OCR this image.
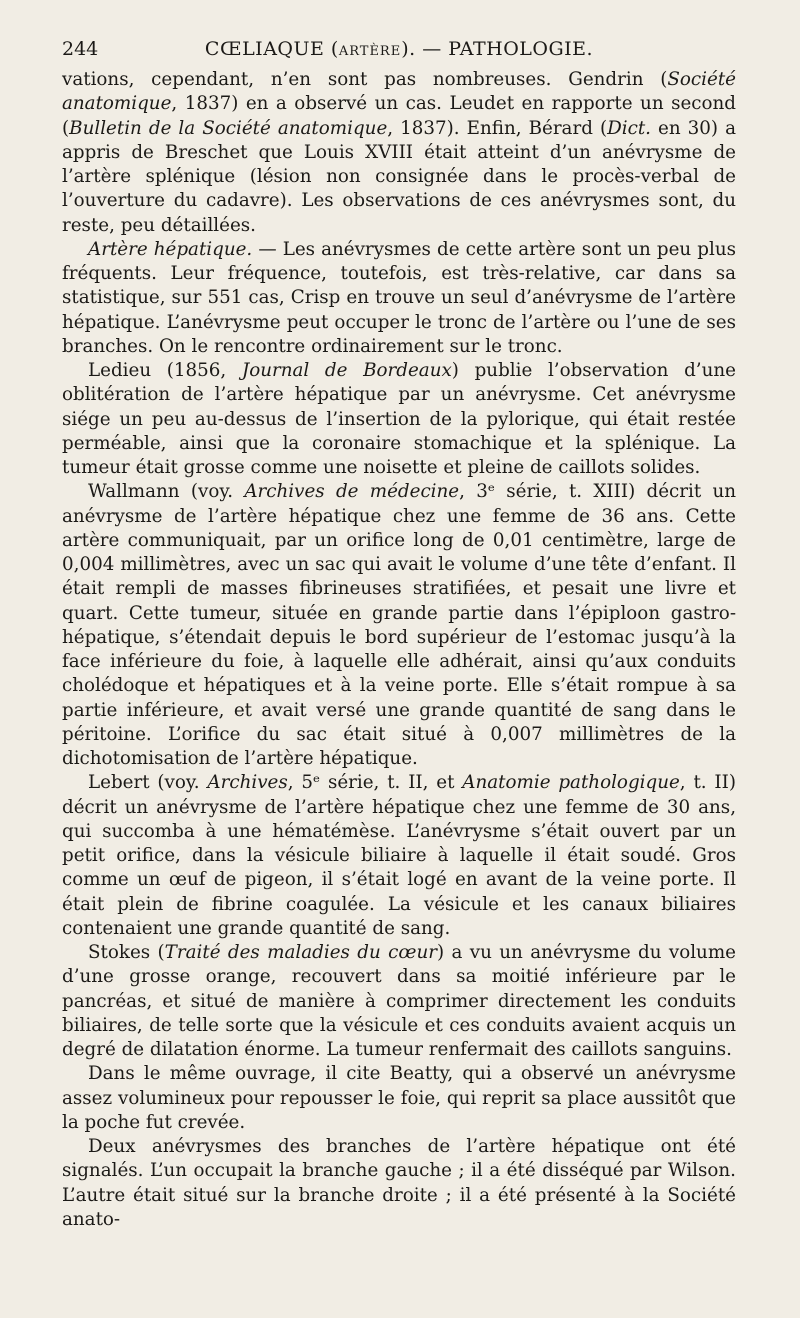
244	CŒLIAQUE (ARTÈRE). — PATHOLOGIE.

vations, cependant, n’en sont pas nombreuses. Gendrin (Société anatomique, 1837) en a observé un cas. Leudet en rapporte un second (Bulletin de la Société anatomique, 1837). Enfin, Bérard (Dict. en 30) a appris de Breschet que Louis XVIII était atteint d’un anévrysme de l’artère splénique (lésion non consignée dans le procès-verbal de l’ouverture du cadavre). Les observations de ces anévrysmes sont, du reste, peu détaillées.

Artère hépatique. — Les anévrysmes de cette artère sont un peu plus fréquents. Leur fréquence, toutefois, est très-relative, car dans sa statistique, sur 551 cas, Crisp en trouve un seul d’anévrysme de l’artère hépatique. L’anévrysme peut occuper le tronc de l’artère ou l’une de ses branches. On le rencontre ordinairement sur le tronc.

Ledieu (1856, Journal de Bordeaux) publie l’observation d’une oblitération de l’artère hépatique par un anévrysme. Cet anévrysme siége un peu au-dessus de l’insertion de la pylorique, qui était restée perméable, ainsi que la coronaire stomachique et la splénique. La tumeur était grosse comme une noisette et pleine de caillots solides.

Wallmann (voy. Archives de médecine, 3ᵉ série, t. XIII) décrit un anévrysme de l’artère hépatique chez une femme de 36 ans. Cette artère communiquait, par un orifice long de 0,01 centimètre, large de 0,004 millimètres, avec un sac qui avait le volume d’une tête d’enfant. Il était rempli de masses fibrineuses stratifiées, et pesait une livre et quart. Cette tumeur, située en grande partie dans l’épiploon gastro-hépatique, s’étendait depuis le bord supérieur de l’estomac jusqu’à la face inférieure du foie, à laquelle elle adhérait, ainsi qu’aux conduits cholédoque et hépatiques et à la veine porte. Elle s’était rompue à sa partie inférieure, et avait versé une grande quantité de sang dans le péritoine. L’orifice du sac était situé à 0,007 millimètres de la dichotomisation de l’artère hépatique.

Lebert (voy. Archives, 5ᵉ série, t. II, et Anatomie pathologique, t. II) décrit un anévrysme de l’artère hépatique chez une femme de 30 ans, qui succomba à une hématémèse. L’anévrysme s’était ouvert par un petit orifice, dans la vésicule biliaire à laquelle il était soudé. Gros comme un œuf de pigeon, il s’était logé en avant de la veine porte. Il était plein de fibrine coagulée. La vésicule et les canaux biliaires contenaient une grande quantité de sang.

Stokes (Traité des maladies du cœur) a vu un anévrysme du volume d’une grosse orange, recouvert dans sa moitié inférieure par le pancréas, et situé de manière à comprimer directement les conduits biliaires, de telle sorte que la vésicule et ces conduits avaient acquis un degré de dilatation énorme. La tumeur renfermait des caillots sanguins.

Dans le même ouvrage, il cite Beatty, qui a observé un anévrysme assez volumineux pour repousser le foie, qui reprit sa place aussitôt que la poche fut crevée.

Deux anévrysmes des branches de l’artère hépatique ont été signalés. L’un occupait la branche gauche ; il a été disséqué par Wilson. L’autre était situé sur la branche droite ; il a été présenté à la Société anato-
